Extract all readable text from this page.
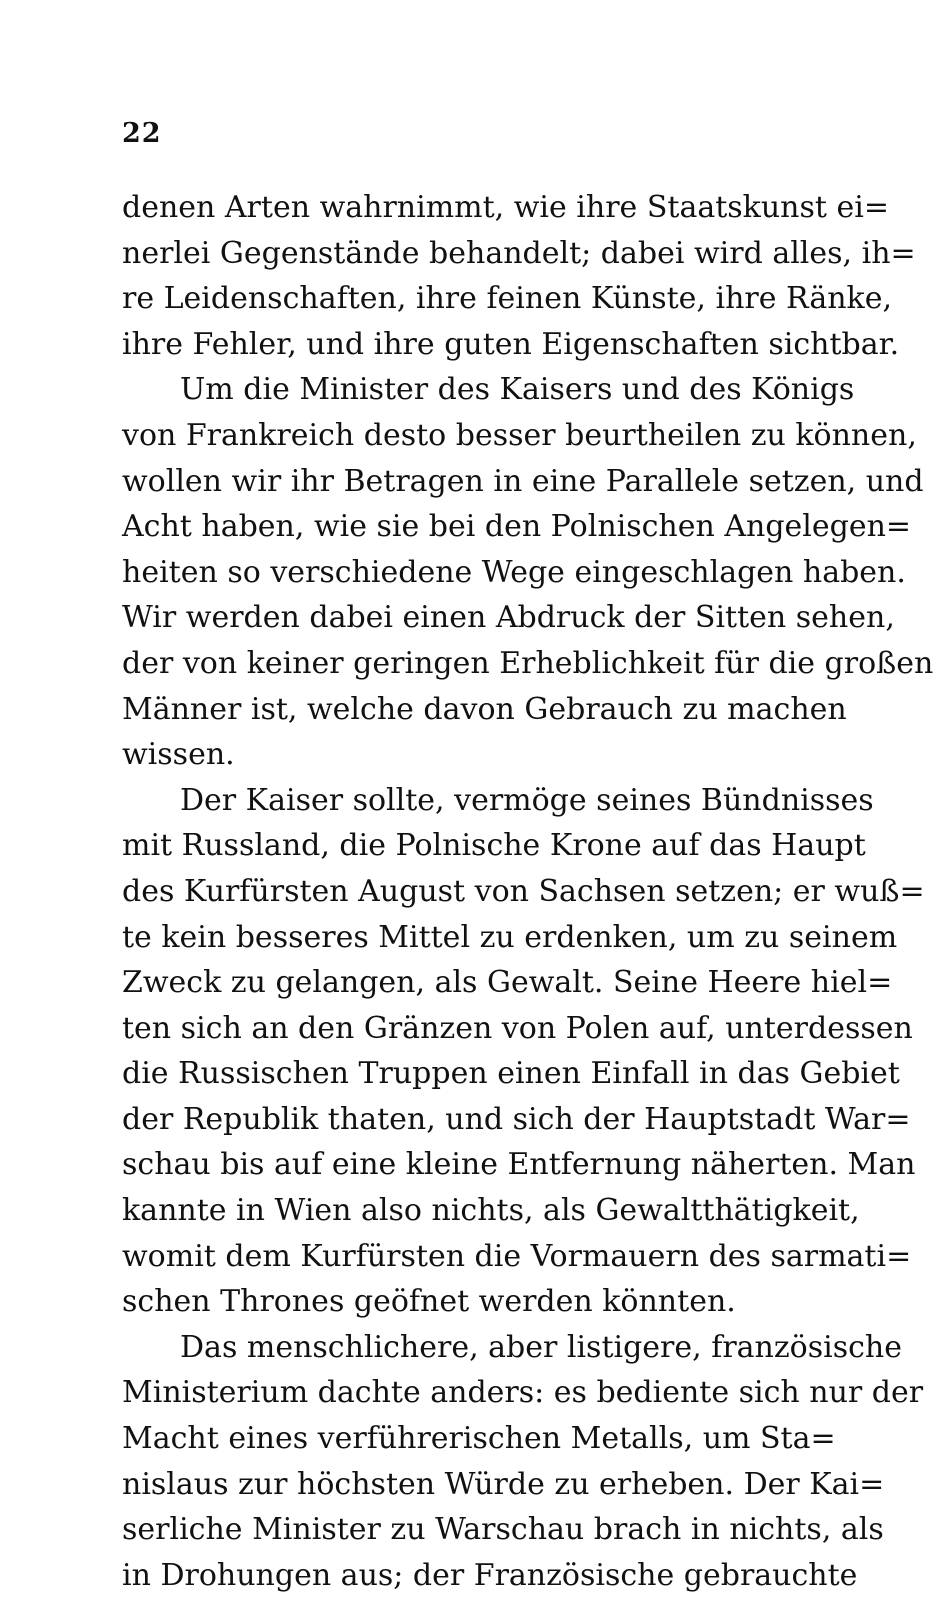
22
denen Arten wahrnimmt, wie ihre Staatskunst ei=
nerlei Gegenstände behandelt; dabei wird alles, ih=
re Leidenschaften, ihre feinen Künste, ihre Ränke,
ihre Fehler, und ihre guten Eigenschaften sichtbar.
Um die Minister des Kaisers und des Königs
von Frankreich desto besser beurtheilen zu können,
wollen wir ihr Betragen in eine Parallele setzen, und
Acht haben, wie sie bei den Polnischen Angelegen=
heiten so verschiedene Wege eingeschlagen haben.
Wir werden dabei einen Abdruck der Sitten sehen,
der von keiner geringen Erheblichkeit für die großen
Männer ist, welche davon Gebrauch zu machen
wissen.
Der Kaiser sollte, vermöge seines Bündnisses
mit Russland, die Polnische Krone auf das Haupt
des Kurfürsten August von Sachsen setzen; er wuß=
te kein besseres Mittel zu erdenken, um zu seinem
Zweck zu gelangen, als Gewalt. Seine Heere hiel=
ten sich an den Gränzen von Polen auf, unterdessen
die Russischen Truppen einen Einfall in das Gebiet
der Republik thaten, und sich der Hauptstadt War=
schau bis auf eine kleine Entfernung näherten. Man
kannte in Wien also nichts, als Gewaltthätigkeit,
womit dem Kurfürsten die Vormauern des sarmati=
schen Thrones geöfnet werden könnten.
Das menschlichere, aber listigere, französische
Ministerium dachte anders: es bediente sich nur der
Macht eines verführerischen Metalls, um Sta=
nislaus zur höchsten Würde zu erheben. Der Kai=
serliche Minister zu Warschau brach in nichts, als
in Drohungen aus; der Französische gebrauchte
